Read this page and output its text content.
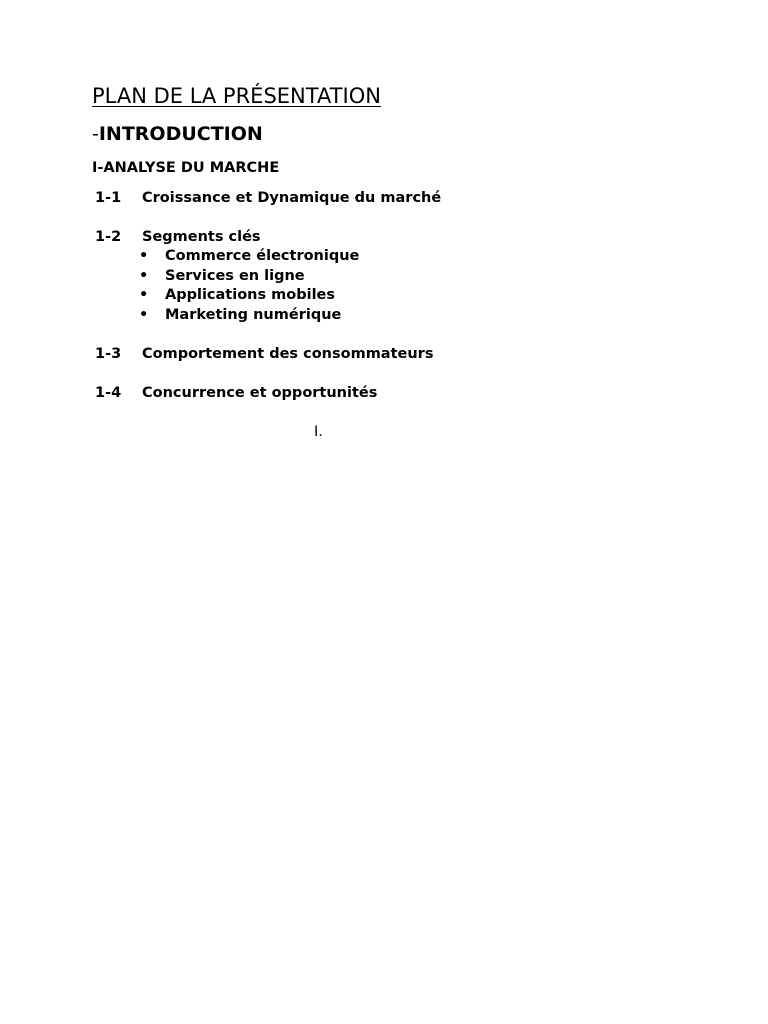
PLAN DE LA PRÉSENTATION
-INTRODUCTION
I-ANALYSE DU MARCHE
1-1 Croissance et Dynamique du marché
1-2 Segments clés
• Commerce électronique
• Services en ligne
• Applications mobiles
• Marketing numérique
1-3 Comportement des consommateurs
1-4 Concurrence et opportunités
I.
